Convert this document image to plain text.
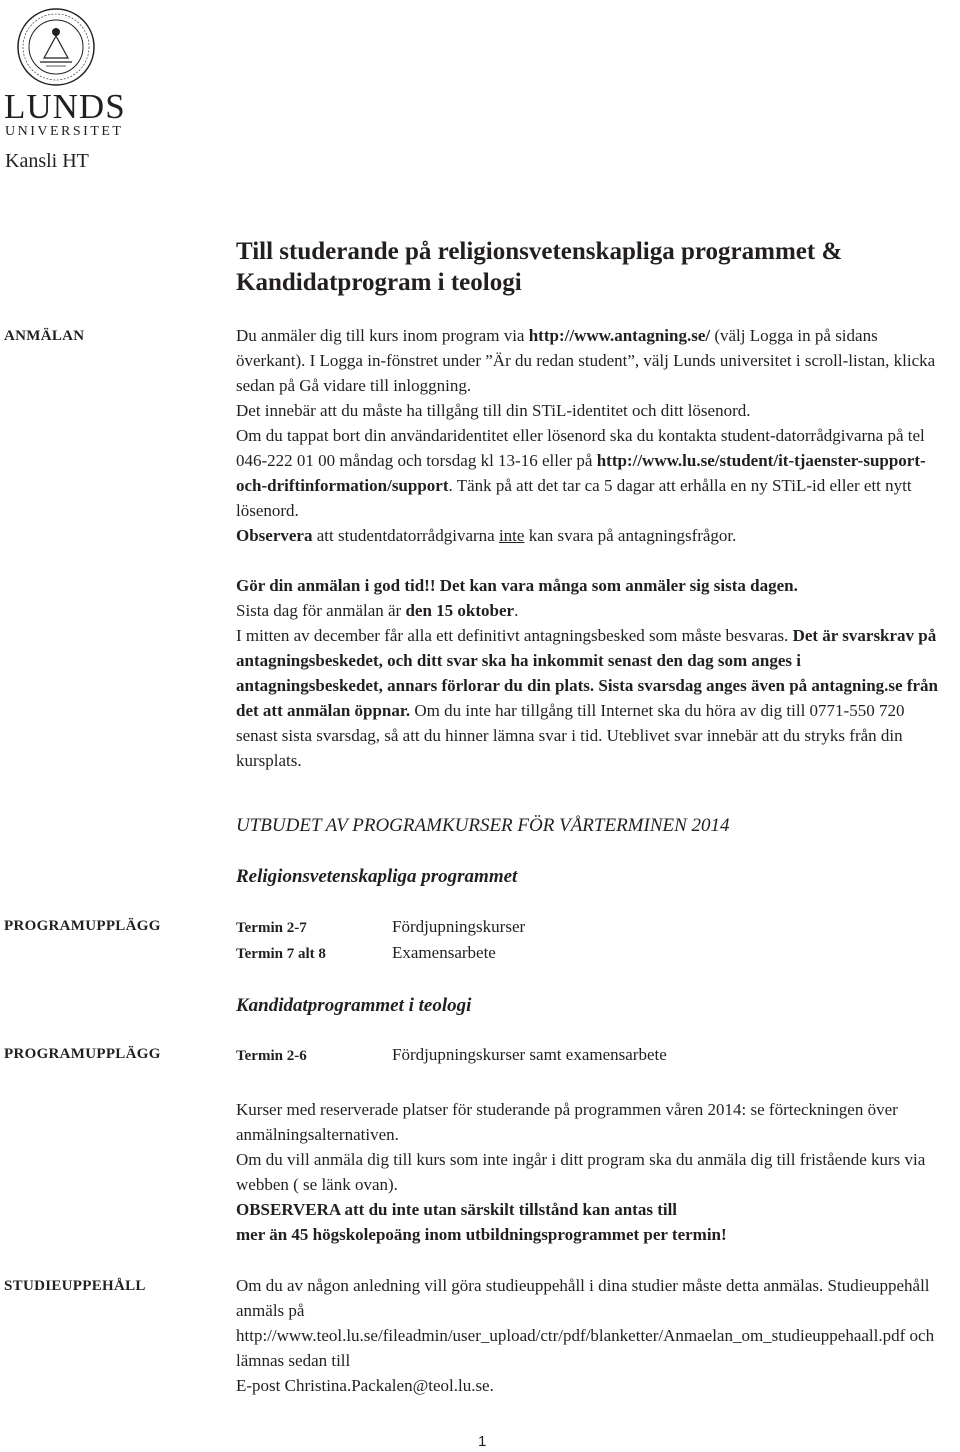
LUNDS
UNIVERSITET
Kansli HT
Till studerande på religionsvetenskapliga programmet &
Kandidatprogram i teologi
ANMÄLAN	Du anmäler dig till kurs inom program via http://www.antagning.se/ (välj Logga in på sidans överkant). I Logga in-fönstret under ”Är du redan student”, välj Lunds universitet i scroll-listan, klicka sedan på Gå vidare till inloggning.

Det innebär att du måste ha tillgång till din STiL-identitet och ditt lösenord.

Om du tappat bort din användaridentitet eller lösenord ska du kontakta student-datorrådgivarna på tel 046-222 01 00 måndag och torsdag kl 13-16 eller på http://www.lu.se/student/it-tjaenster-support-och-driftinformation/support. Tänk på att det tar ca 5 dagar att erhålla en ny STiL-id eller ett nytt lösenord.

Observera att studentdatorrådgivarna inte kan svara på antagningsfrågor.

Gör din anmälan i god tid!! Det kan vara många som anmäler sig sista dagen.

Sista dag för anmälan är den 15 oktober.

I mitten av december får alla ett definitivt antagningsbesked som måste besvaras. Det är svarskrav på antagningsbeskedet, och ditt svar ska ha inkommit senast den dag som anges i antagningsbeskedet, annars förlorar du din plats. Sista svarsdag anges även på antagning.se från det att anmälan öppnar. Om du inte har tillgång till Internet ska du höra av dig till 0771-550 720 senast sista svarsdag, så att du hinner lämna svar i tid. Uteblivet svar innebär att du stryks från din kursplats.

UTBUDET AV PROGRAMKURSER FÖR VÅRTERMINEN 2014
Religionsvetenskapliga programmet
PROGRAMUPPLÄGG	Termin 2-7	Fördjupningskurser
Termin 7 alt 8	Examensarbete
Kandidatprogrammet i teologi
PROGRAMUPPLÄGG	Termin 2-6	Fördjupningskurser samt examensarbete

Kurser med reserverade platser för studerande på programmen våren 2014: se förteckningen över anmälningsalternativen.

Om du vill anmäla dig till kurs som inte ingår i ditt program ska du anmäla dig till fristående kurs via webben ( se länk ovan).

OBSERVERA att du inte utan särskilt tillstånd kan antas till

mer än 45 högskolepoäng inom utbildningsprogrammet per termin!

STUDIEUPPEHÅLL	Om du av någon anledning vill göra studieuppehåll i dina studier måste detta anmälas. Studieuppehåll anmäls på http://www.teol.lu.se/fileadmin/user_upload/ctr/pdf/blanketter/Anmaelan_om_studieuppehaall.pdf och lämnas sedan till

E-post Christina.Packalen@teol.lu.se.

1
